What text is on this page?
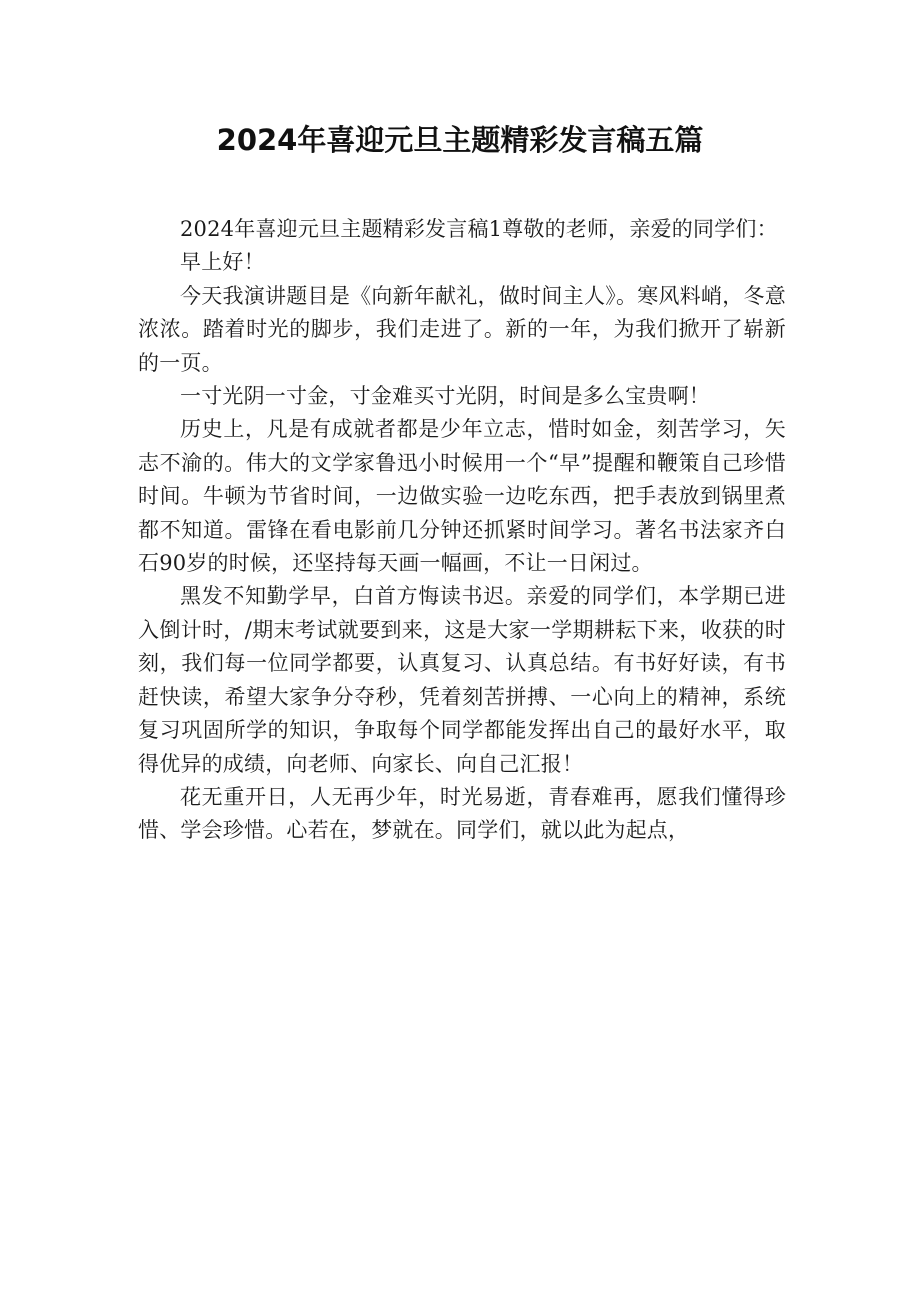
2024年喜迎元旦主题精彩发言稿五篇

2024年喜迎元旦主题精彩发言稿1尊敬的老师，亲爱的同学们：

早上好！

今天我演讲题目是《向新年献礼，做时间主人》。寒风料峭，冬意浓浓。踏着时光的脚步，我们走进了。新的一年，为我们掀开了崭新的一页。

一寸光阴一寸金，寸金难买寸光阴，时间是多么宝贵啊！

历史上，凡是有成就者都是少年立志，惜时如金，刻苦学习，矢志不渝的。伟大的文学家鲁迅小时候用一个“早”提醒和鞭策自己珍惜时间。牛顿为节省时间，一边做实验一边吃东西，把手表放到锅里煮都不知道。雷锋在看电影前几分钟还抓紧时间学习。著名书法家齐白石90岁的时候，还坚持每天画一幅画，不让一日闲过。

黑发不知勤学早，白首方悔读书迟。亲爱的同学们，本学期已进入倒计时，/期末考试就要到来，这是大家一学期耕耘下来，收获的时刻，我们每一位同学都要，认真复习、认真总结。有书好好读，有书赶快读，希望大家争分夺秒，凭着刻苦拼搏、一心向上的精神，系统复习巩固所学的知识，争取每个同学都能发挥出自己的最好水平，取得优异的成绩，向老师、向家长、向自己汇报！

花无重开日，人无再少年，时光易逝，青春难再，愿我们懂得珍惜、学会珍惜。心若在，梦就在。同学们，就以此为起点，
